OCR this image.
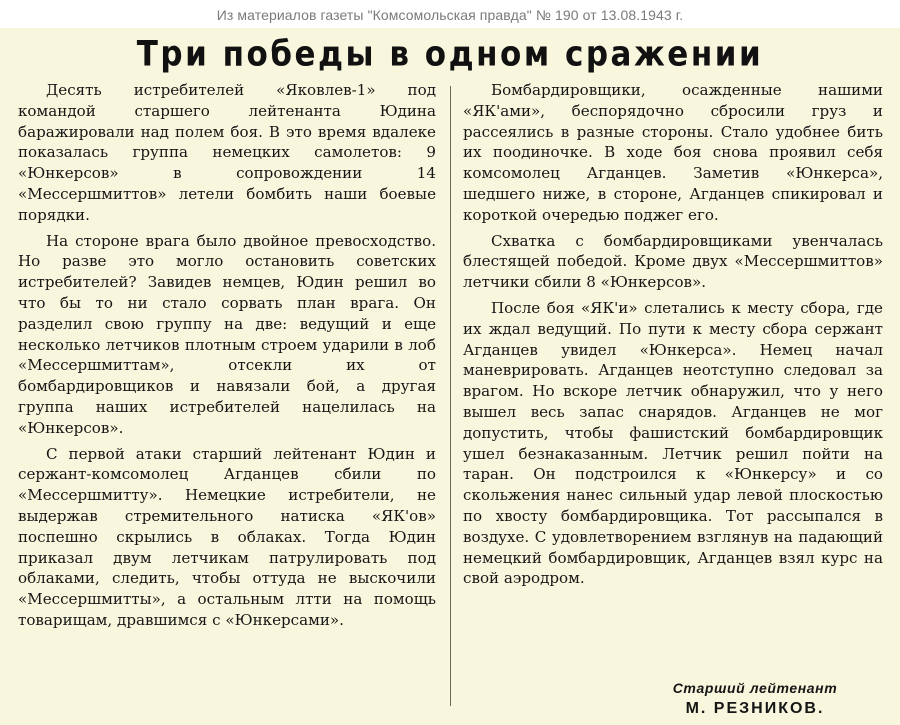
Из материалов газеты "Комсомольская правда" № 190 от 13.08.1943 г.
Три победы в одном сражении

Десять истребителей «Яковлев-1» под командой старшего лейтенанта Юдина баражировали над полем боя. В это время вдалеке показалась группа немецких самолетов: 9 «Юнкерсов» в сопровождении 14 «Мессершмиттов» летели бомбить наши боевые порядки.

На стороне врага было двойное превосходство. Но разве это могло остановить советских истребителей? Завидев немцев, Юдин решил во что бы то ни стало сорвать план врага. Он разделил свою группу на две: ведущий и еще несколько летчиков плотным строем ударили в лоб «Мессершмиттам», отсекли их от бомбардировщиков и навязали бой, а другая группа наших истребителей нацелилась на «Юнкерсов».

С первой атаки старший лейтенант Юдин и сержант-комсомолец Агданцев сбили по «Мессершмитту». Немецкие истребители, не выдержав стремительного натиска «ЯК'ов» поспешно скрылись в облаках. Тогда Юдин приказал двум летчикам патрулировать под облаками, следить, чтобы оттуда не выскочили «Мессершмитты», а остальным лтти на помощь товарищам, дравшимся с «Юнкерсами».

Бомбардировщики, осажденные нашими «ЯК'ами», беспорядочно сбросили груз и рассеялись в разные стороны. Стало удобнее бить их поодиночке. В ходе боя снова проявил себя комсомолец Агданцев. Заметив «Юнкерса», шедшего ниже, в стороне, Агданцев спикировал и короткой очередью поджег его.

Схватка с бомбардировщиками увенчалась блестящей победой. Кроме двух «Мессершмиттов» летчики сбили 8 «Юнкерсов».

После боя «ЯК'и» слетались к месту сбора, где их ждал ведущий. По пути к месту сбора сержант Агданцев увидел «Юнкерса». Немец начал маневрировать. Агданцев неотступно следовал за врагом. Но вскоре летчик обнаружил, что у него вышел весь запас снарядов. Агданцев не мог допустить, чтобы фашистский бомбардировщик ушел безнаказанным. Летчик решил пойти на таран. Он подстроился к «Юнкерсу» и со скольжения нанес сильный удар левой плоскостью по хвосту бомбардировщика. Тот рассыпался в воздухе. С удовлетворением взглянув на падающий немецкий бомбардировщик, Агданцев взял курс на свой аэродром.

Старший лейтенант
М. РЕЗНИКОВ.
